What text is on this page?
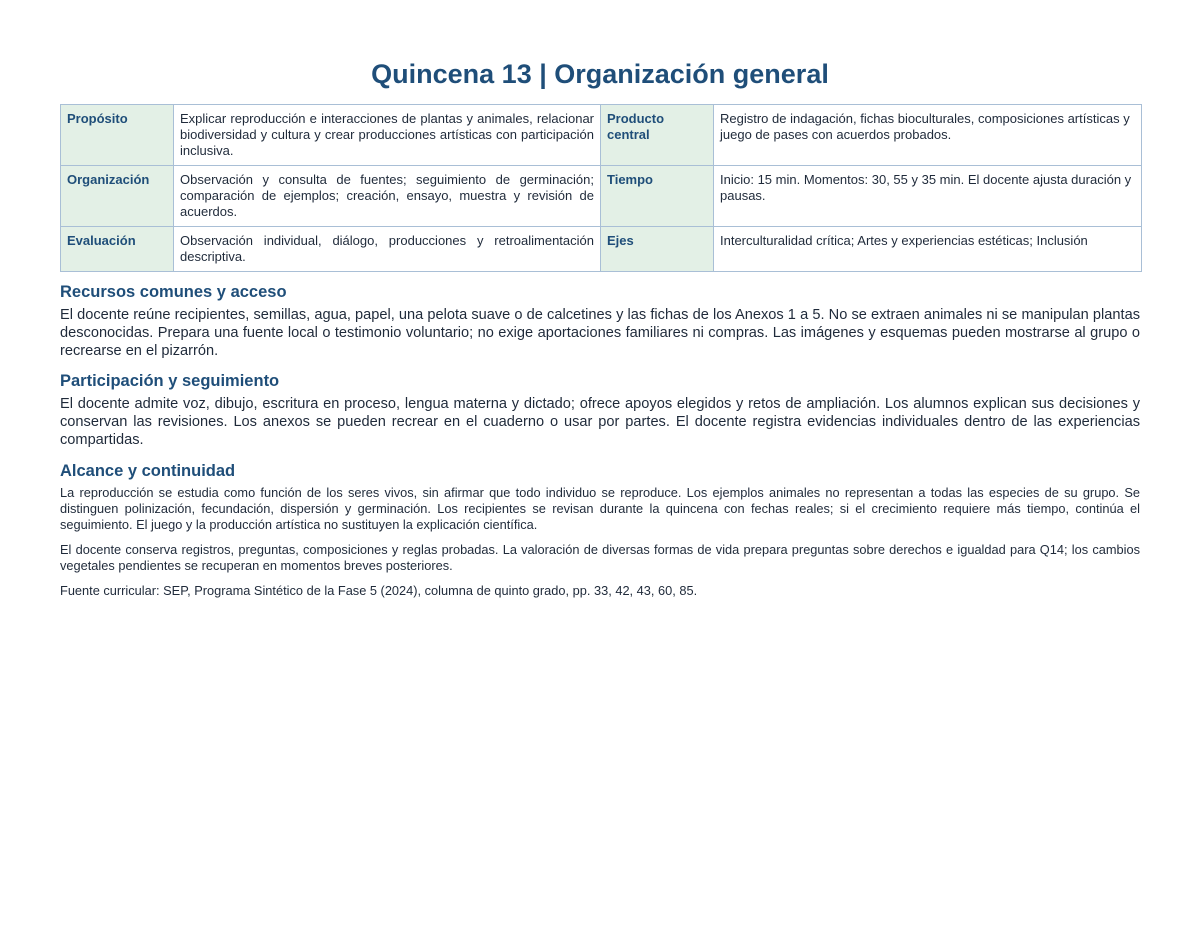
Quincena 13 | Organización general
Propósito	Explicar reproducción e interacciones de plantas y animales, relacionar biodiversidad y cultura y crear producciones artísticas con participación inclusiva.	Producto central	Registro de indagación, fichas bioculturales, composiciones artísticas y juego de pases con acuerdos probados.
Organización	Observación y consulta de fuentes; seguimiento de germinación; comparación de ejemplos; creación, ensayo, muestra y revisión de acuerdos.	Tiempo	Inicio: 15 min. Momentos: 30, 55 y 35 min. El docente ajusta duración y pausas.
Evaluación	Observación individual, diálogo, producciones y retroalimentación descriptiva.	Ejes	Interculturalidad crítica; Artes y experiencias estéticas; Inclusión
Recursos comunes y acceso

El docente reúne recipientes, semillas, agua, papel, una pelota suave o de calcetines y las fichas de los Anexos 1 a 5. No se extraen animales ni se manipulan plantas desconocidas. Prepara una fuente local o testimonio voluntario; no exige aportaciones familiares ni compras. Las imágenes y esquemas pueden mostrarse al grupo o recrearse en el pizarrón.

Participación y seguimiento

El docente admite voz, dibujo, escritura en proceso, lengua materna y dictado; ofrece apoyos elegidos y retos de ampliación. Los alumnos explican sus decisiones y conservan las revisiones. Los anexos se pueden recrear en el cuaderno o usar por partes. El docente registra evidencias individuales dentro de las experiencias compartidas.

Alcance y continuidad

La reproducción se estudia como función de los seres vivos, sin afirmar que todo individuo se reproduce. Los ejemplos animales no representan a todas las especies de su grupo. Se distinguen polinización, fecundación, dispersión y germinación. Los recipientes se revisan durante la quincena con fechas reales; si el crecimiento requiere más tiempo, continúa el seguimiento. El juego y la producción artística no sustituyen la explicación científica.

El docente conserva registros, preguntas, composiciones y reglas probadas. La valoración de diversas formas de vida prepara preguntas sobre derechos e igualdad para Q14; los cambios vegetales pendientes se recuperan en momentos breves posteriores.

Fuente curricular: SEP, Programa Sintético de la Fase 5 (2024), columna de quinto grado, pp. 33, 42, 43, 60, 85.
